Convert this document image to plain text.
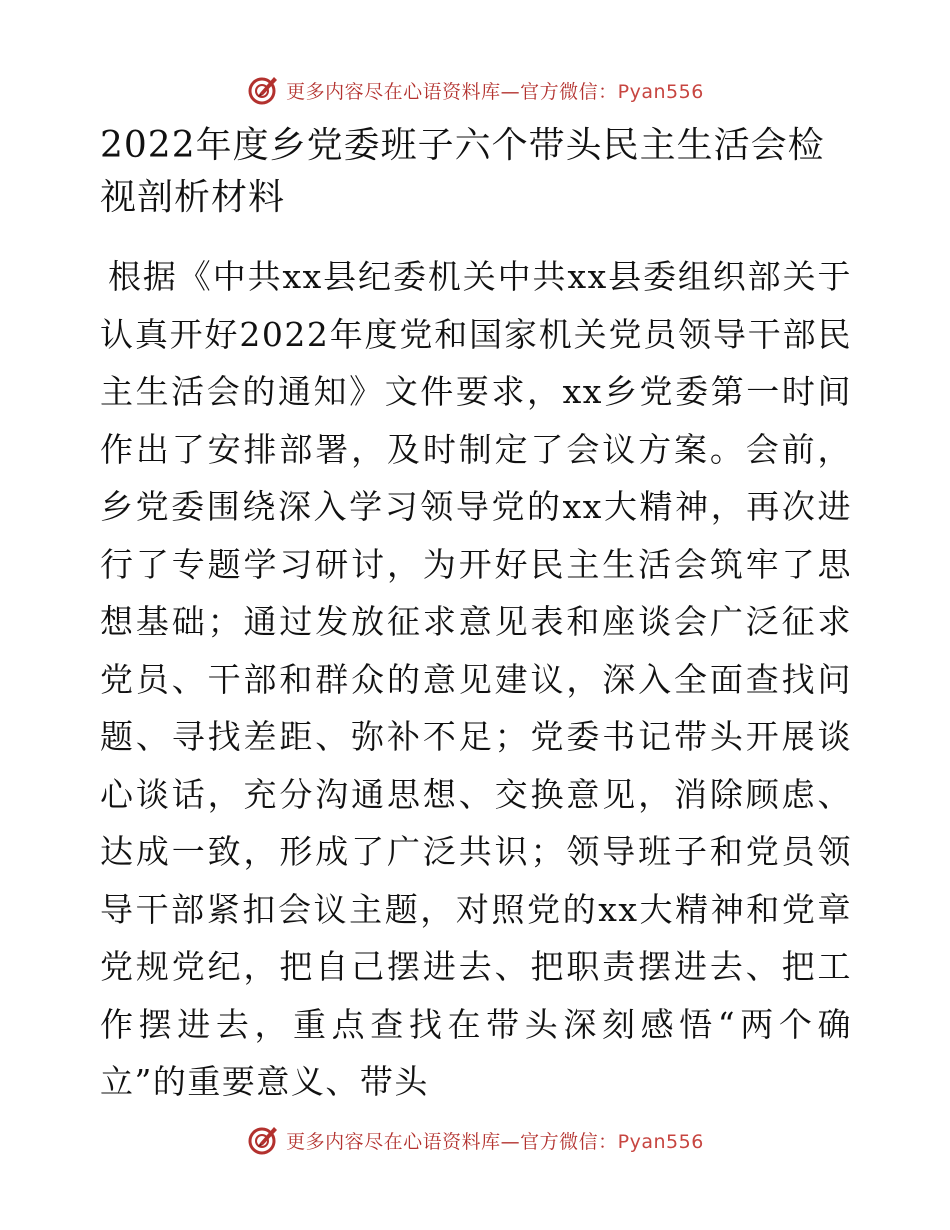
更多内容尽在心语资料库—官方微信：Pyan556
2022年度乡党委班子六个带头民主生活会检视剖析材料

根据《中共xx县纪委机关中共xx县委组织部关于认真开好2022年度党和国家机关党员领导干部民主生活会的通知》文件要求，xx乡党委第一时间作出了安排部署，及时制定了会议方案。会前，乡党委围绕深入学习领导党的xx大精神，再次进行了专题学习研讨，为开好民主生活会筑牢了思想基础；通过发放征求意见表和座谈会广泛征求党员、干部和群众的意见建议，深入全面查找问题、寻找差距、弥补不足；党委书记带头开展谈心谈话，充分沟通思想、交换意见，消除顾虑、达成一致，形成了广泛共识；领导班子和党员领导干部紧扣会议主题，对照党的xx大精神和党章党规党纪，把自己摆进去、把职责摆进去、把工作摆进去，重点查找在带头深刻感悟“两个确立”的重要意义、带头

更多内容尽在心语资料库—官方微信：Pyan556
